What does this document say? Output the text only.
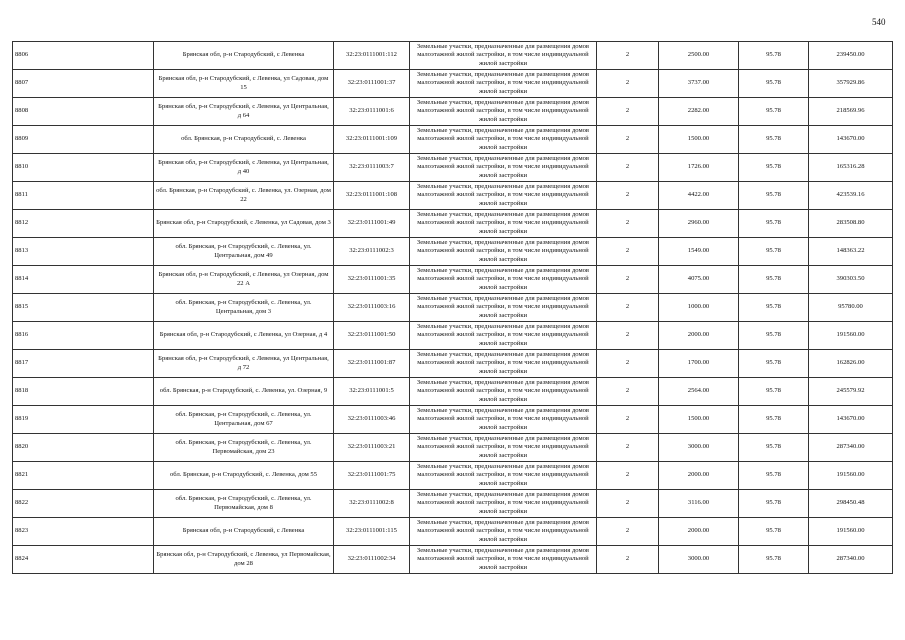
540
8806	Брянская обл, р-н Стародубский, с Левенка	32:23:0111001:112	Земельные участки, предназначенные для размещения домов малоэтажной жилой застройки, в том числе индивидуальной жилой застройки	2	2500.00	95.78	239450.00
8807	Брянская обл, р-н Стародубский, с Левенка, ул Садовая, дом 15	32:23:0111001:37	Земельные участки, предназначенные для размещения домов малоэтажной жилой застройки, в том числе индивидуальной жилой застройки	2	3737.00	95.78	357929.86
8808	Брянская обл, р-н Стародубский, с Левенка, ул Центральная, д 64	32:23:0111001:6	Земельные участки, предназначенные для размещения домов малоэтажной жилой застройки, в том числе индивидуальной жилой застройки	2	2282.00	95.78	218569.96
8809	обл. Брянская, р-н Стародубский, с. Левенка	32:23:0111001:109	Земельные участки, предназначенные для размещения домов малоэтажной жилой застройки, в том числе индивидуальной жилой застройки	2	1500.00	95.78	143670.00
8810	Брянская обл, р-н Стародубский, с Левенка, ул Центральная, д 40	32:23:0111003:7	Земельные участки, предназначенные для размещения домов малоэтажной жилой застройки, в том числе индивидуальной жилой застройки	2	1726.00	95.78	165316.28
8811	обл. Брянская, р-н Стародубский, с. Левенка, ул. Озерная, дом 22	32:23:0111001:108	Земельные участки, предназначенные для размещения домов малоэтажной жилой застройки, в том числе индивидуальной жилой застройки	2	4422.00	95.78	423539.16
8812	Брянская обл, р-н Стародубский, с Левенка, ул Садовая, дом 3	32:23:0111001:49	Земельные участки, предназначенные для размещения домов малоэтажной жилой застройки, в том числе индивидуальной жилой застройки	2	2960.00	95.78	283508.80
8813	обл. Брянская, р-н Стародубский, с. Левенка, ул. Центральная, дом 49	32:23:0111002:3	Земельные участки, предназначенные для размещения домов малоэтажной жилой застройки, в том числе индивидуальной жилой застройки	2	1549.00	95.78	148363.22
8814	Брянская обл, р-н Стародубский, с Левенка, ул Озерная, дом 22 А	32:23:0111001:35	Земельные участки, предназначенные для размещения домов малоэтажной жилой застройки, в том числе индивидуальной жилой застройки	2	4075.00	95.78	390303.50
8815	обл. Брянская, р-н Стародубский, с. Левенка, ул. Центральная, дом 3	32:23:0111003:16	Земельные участки, предназначенные для размещения домов малоэтажной жилой застройки, в том числе индивидуальной жилой застройки	2	1000.00	95.78	95780.00
8816	Брянская обл, р-н Стародубский, с Левенка, ул Озерная, д 4	32:23:0111001:50	Земельные участки, предназначенные для размещения домов малоэтажной жилой застройки, в том числе индивидуальной жилой застройки	2	2000.00	95.78	191560.00
8817	Брянская обл, р-н Стародубский, с Левенка, ул Центральная, д 72	32:23:0111001:87	Земельные участки, предназначенные для размещения домов малоэтажной жилой застройки, в том числе индивидуальной жилой застройки	2	1700.00	95.78	162826.00
8818	обл. Брянская, р-н Стародубский, с. Левенка, ул. Озерная, 9	32:23:0111001:5	Земельные участки, предназначенные для размещения домов малоэтажной жилой застройки, в том числе индивидуальной жилой застройки	2	2564.00	95.78	245579.92
8819	обл. Брянская, р-н Стародубский, с. Левенка, ул. Центральная, дом 67	32:23:0111003:46	Земельные участки, предназначенные для размещения домов малоэтажной жилой застройки, в том числе индивидуальной жилой застройки	2	1500.00	95.78	143670.00
8820	обл. Брянская, р-н Стародубский, с. Левенка, ул. Первомайская, дом 23	32:23:0111003:21	Земельные участки, предназначенные для размещения домов малоэтажной жилой застройки, в том числе индивидуальной жилой застройки	2	3000.00	95.78	287340.00
8821	обл. Брянская, р-н Стародубский, с. Левенка, дом 55	32:23:0111001:75	Земельные участки, предназначенные для размещения домов малоэтажной жилой застройки, в том числе индивидуальной жилой застройки	2	2000.00	95.78	191560.00
8822	обл. Брянская, р-н Стародубский, с. Левенка, ул. Первомайская, дом 8	32:23:0111002:8	Земельные участки, предназначенные для размещения домов малоэтажной жилой застройки, в том числе индивидуальной жилой застройки	2	3116.00	95.78	298450.48
8823	Брянская обл, р-н Стародубский, с Левенка	32:23:0111001:115	Земельные участки, предназначенные для размещения домов малоэтажной жилой застройки, в том числе индивидуальной жилой застройки	2	2000.00	95.78	191560.00
8824	Брянская обл, р-н Стародубский, с Левенка, ул Первомайская, дом 28	32:23:0111002:34	Земельные участки, предназначенные для размещения домов малоэтажной жилой застройки, в том числе индивидуальной жилой застройки	2	3000.00	95.78	287340.00
